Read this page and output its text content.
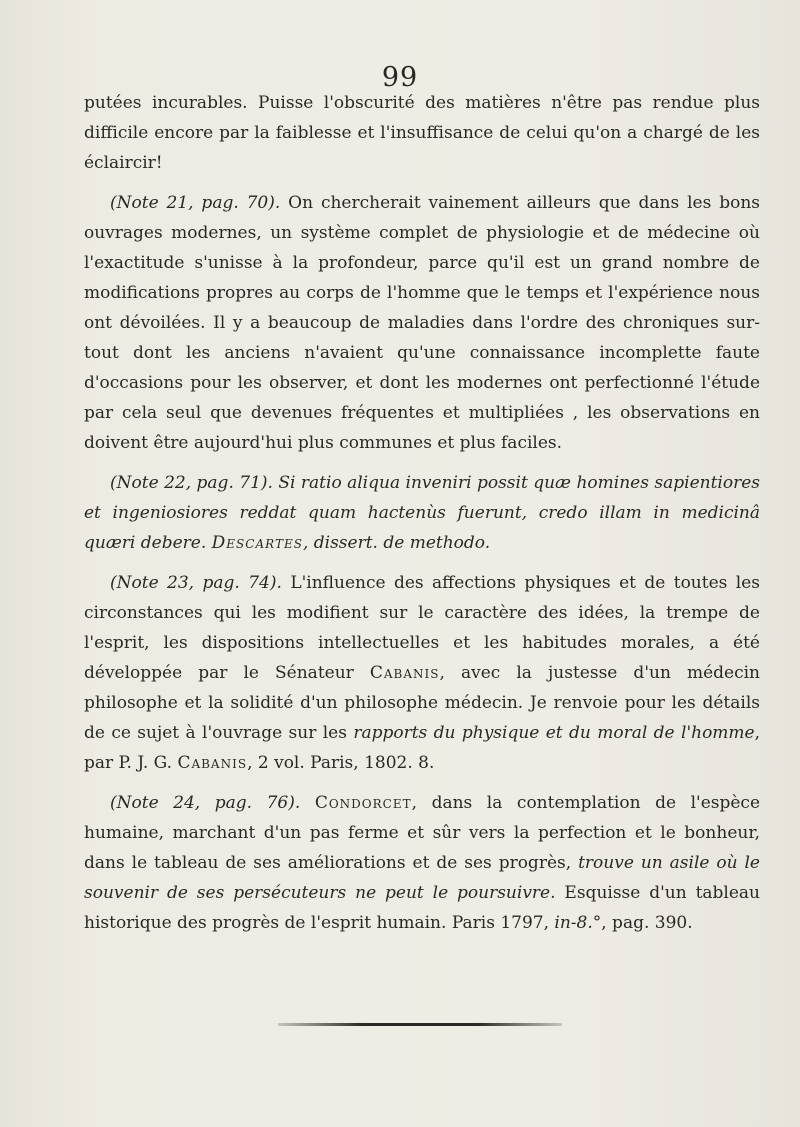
99

putées incurables. Puisse l'obscurité des matières n'être pas rendue plus difficile encore par la faiblesse et l'insuffisance de celui qu'on a chargé de les éclaircir!

(Note 21, pag. 70). On chercherait vainement ailleurs que dans les bons ouvrages modernes, un système complet de physiologie et de médecine où l'exactitude s'unisse à la profondeur, parce qu'il est un grand nombre de modifications propres au corps de l'homme que le temps et l'expérience nous ont dévoilées. Il y a beaucoup de maladies dans l'ordre des chroniques sur-tout dont les anciens n'avaient qu'une connaissance incomplette faute d'occasions pour les observer, et dont les modernes ont perfectionné l'étude par cela seul que devenues fréquentes et multipliées , les observations en doivent être aujourd'hui plus communes et plus faciles.

(Note 22, pag. 71). Si ratio aliqua inveniri possit quæ homines sapientiores et ingeniosiores reddat quam hactenùs fuerunt, credo illam in medicinâ quæri debere. Descartes, dissert. de methodo.

(Note 23, pag. 74). L'influence des affections physiques et de toutes les circonstances qui les modifient sur le caractère des idées, la trempe de l'esprit, les dispositions intellectuelles et les habitudes morales, a été développée par le Sénateur Cabanis, avec la justesse d'un médecin philosophe et la solidité d'un philosophe médecin. Je renvoie pour les détails de ce sujet à l'ouvrage sur les rapports du physique et du moral de l'homme, par P. J. G. Cabanis, 2 vol. Paris, 1802. 8.

(Note 24, pag. 76). Condorcet, dans la contemplation de l'espèce humaine, marchant d'un pas ferme et sûr vers la perfection et le bonheur, dans le tableau de ses améliorations et de ses progrès, trouve un asile où le souvenir de ses persécuteurs ne peut le poursuivre. Esquisse d'un tableau historique des progrès de l'esprit humain. Paris 1797, in-8.°, pag. 390.
